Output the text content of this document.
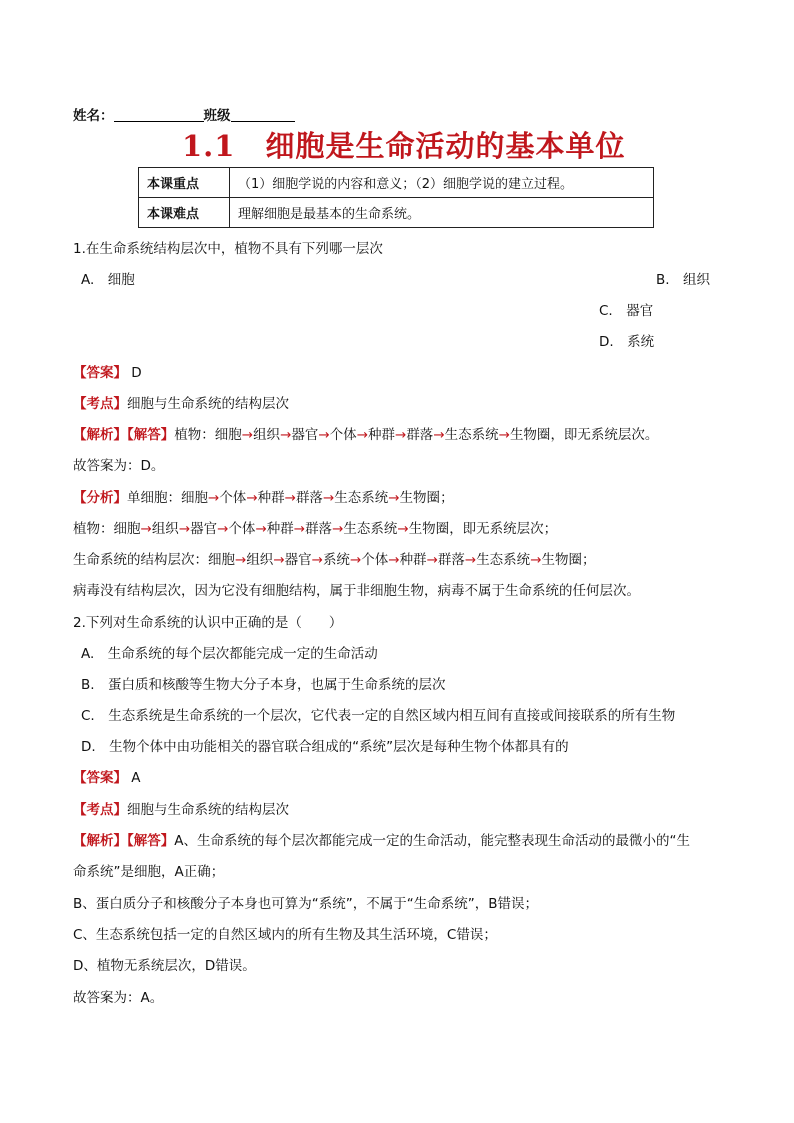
姓名：	班级
1.1　细胞是生命活动的基本单位
本课重点	（1）细胞学说的内容和意义；（2）细胞学说的建立过程。
本课难点	理解细胞是最基本的生命系统。
1.在生命系统结构层次中，植物不具有下列哪一层次
A.　细胞	B.　组织
C.　器官
D.　系统
【答案】 D
【考点】细胞与生命系统的结构层次
【解析】【解答】植物：细胞→组织→器官→个体→种群→群落→生态系统→生物圈，即无系统层次。
故答案为：D。
【分析】单细胞：细胞→个体→种群→群落→生态系统→生物圈；
植物：细胞→组织→器官→个体→种群→群落→生态系统→生物圈，即无系统层次；
生命系统的结构层次：细胞→组织→器官→系统→个体→种群→群落→生态系统→生物圈；
病毒没有结构层次，因为它没有细胞结构，属于非细胞生物，病毒不属于生命系统的任何层次。
2.下列对生命系统的认识中正确的是（　　）
A.　生命系统的每个层次都能完成一定的生命活动
B.　蛋白质和核酸等生物大分子本身，也属于生命系统的层次
C.　生态系统是生命系统的一个层次，它代表一定的自然区域内相互间有直接或间接联系的所有生物
D.　生物个体中由功能相关的器官联合组成的“系统”层次是每种生物个体都具有的
【答案】 A
【考点】细胞与生命系统的结构层次
【解析】【解答】A、生命系统的每个层次都能完成一定的生命活动，能完整表现生命活动的最微小的“生
命系统”是细胞，A正确；
B、蛋白质分子和核酸分子本身也可算为“系统”，不属于“生命系统”，B错误；
C、生态系统包括一定的自然区域内的所有生物及其生活环境，C错误；
D、植物无系统层次，D错误。
故答案为：A。
